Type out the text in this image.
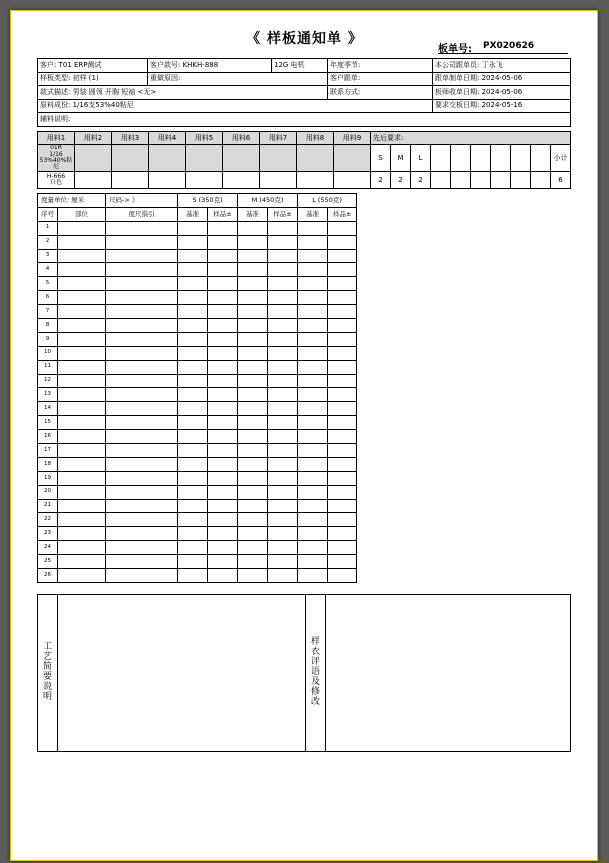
《 样板通知单 》
板单号: PX020626
客户: T01 ERP测试	客户款号: KHKH-888	12G 电机	年度季节:	本公司跟单员: 丁永飞
样板类型: 初样 (1)	重做原因:		客户跟单:	跟单制单日期: 2024-05-06
款式描述: 男装 圆领 开胸 短袖 <无>			联系方式:	板师收单日期: 2024-05-06
原料成份: 1/16支53%40粘尼				要求交板日期: 2024-05-16
辅料说明:				
用料1	用料2	用料3	用料4	用料5	用料6	用料7	用料8	用料9	先后要求:									

01R
1/16
53%40%粘尼									S	M	L							小计

H-666
白色									2	2	2							6
度量单位: 厘米		尺码-> 》	S (350克)		M (450克)		L (550克)	
序号	部位	度尺指引	基准	样品±	基准	样品±	基准	样品±
1								
2								
3								
4								
5								
6								
7								
8								
9								
10								
11								
12								
13								
14								
15								
16								
17								
18								
19								
20								
21								
22								
23								
24								
25								
26								
工
艺
简
要
说
明

样
衣
评
语
及
修
改
